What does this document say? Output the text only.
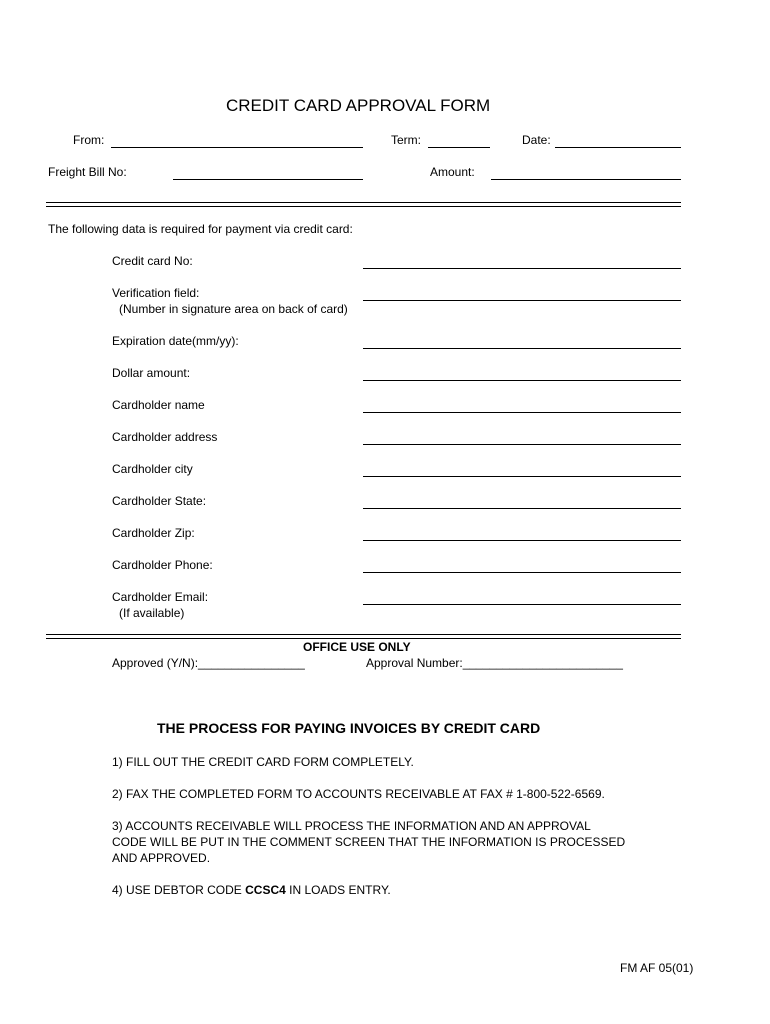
CREDIT CARD APPROVAL FORM
From:	Term:	Date:
Freight Bill No:	Amount:
The following data is required for payment via credit card:
Credit card No:
Verification field:
(Number in signature area on back of card)
Expiration date(mm/yy):
Dollar amount:
Cardholder name
Cardholder address
Cardholder city
Cardholder State:
Cardholder Zip:
Cardholder Phone:
Cardholder Email:
(If available)
OFFICE USE ONLY
Approved (Y/N):________________	Approval Number:________________________
THE PROCESS FOR PAYING INVOICES BY CREDIT CARD
1) FILL OUT THE CREDIT CARD FORM COMPLETELY.
2) FAX THE COMPLETED FORM TO ACCOUNTS RECEIVABLE AT FAX # 1-800-522-6569.
3) ACCOUNTS RECEIVABLE WILL PROCESS THE INFORMATION AND AN APPROVAL
CODE WILL BE PUT IN THE COMMENT SCREEN THAT THE INFORMATION IS PROCESSED
AND APPROVED.
4) USE DEBTOR CODE CCSC4 IN LOADS ENTRY.
FM AF 05(01)
